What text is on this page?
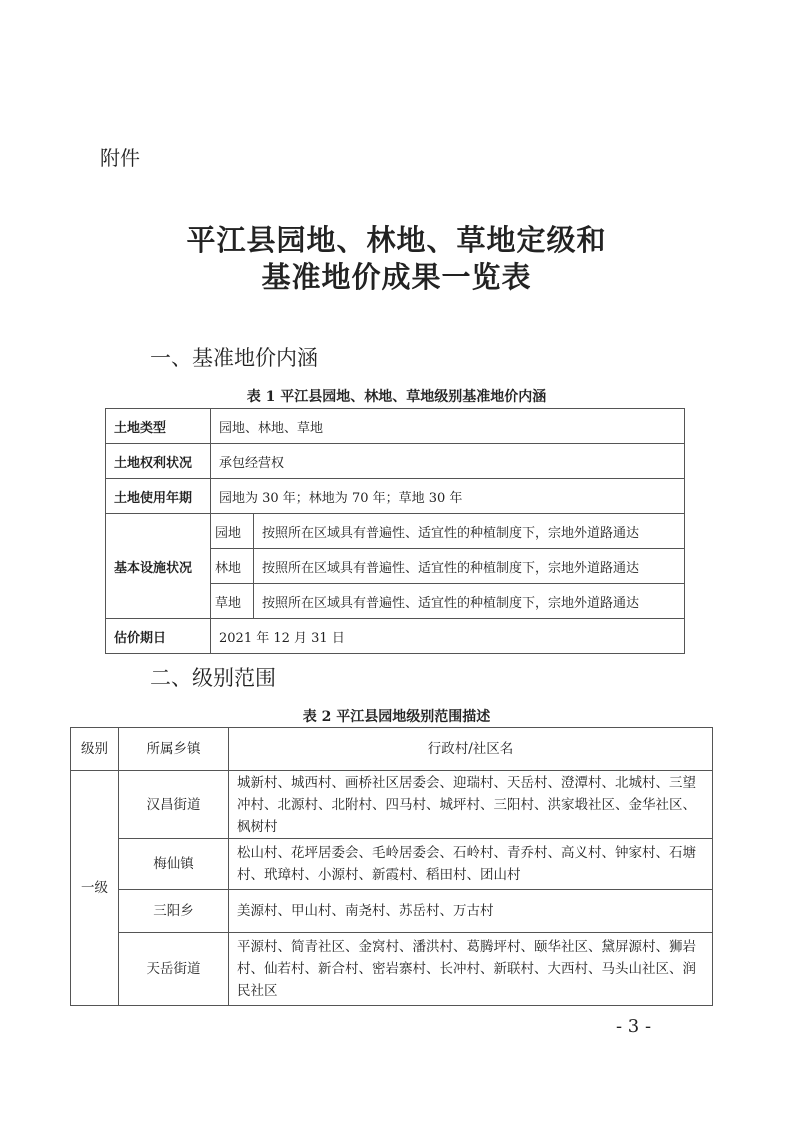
附件
平江县园地、林地、草地定级和
基准地价成果一览表
一、基准地价内涵
表 1 平江县园地、林地、草地级别基准地价内涵
土地类型	园地、林地、草地	
土地权利状况	承包经营权	
土地使用年期	园地为 30 年；林地为 70 年；草地 30 年	
基本设施状况	园地	按照所在区域具有普遍性、适宜性的种植制度下，宗地外道路通达
	林地	按照所在区域具有普遍性、适宜性的种植制度下，宗地外道路通达
	草地	按照所在区域具有普遍性、适宜性的种植制度下，宗地外道路通达
估价期日	2021 年 12 月 31 日	
二、级别范围
表 2 平江县园地级别范围描述
级别	所属乡镇	行政村/社区名
一级	汉昌街道	城新村、城西村、画桥社区居委会、迎瑞村、天岳村、澄潭村、北城村、三望冲村、北源村、北附村、四马村、城坪村、三阳村、洪家塅社区、金华社区、枫树村
	梅仙镇	松山村、花坪居委会、毛岭居委会、石岭村、青乔村、高义村、钟家村、石塘村、玳璋村、小源村、新霞村、稻田村、团山村
	三阳乡	美源村、甲山村、南尧村、苏岳村、万古村
	天岳街道	平源村、简青社区、金窝村、潘洪村、葛腾坪村、颐华社区、黛屏源村、狮岩村、仙若村、新合村、密岩寨村、长冲村、新联村、大西村、马头山社区、润民社区
- 3 -
